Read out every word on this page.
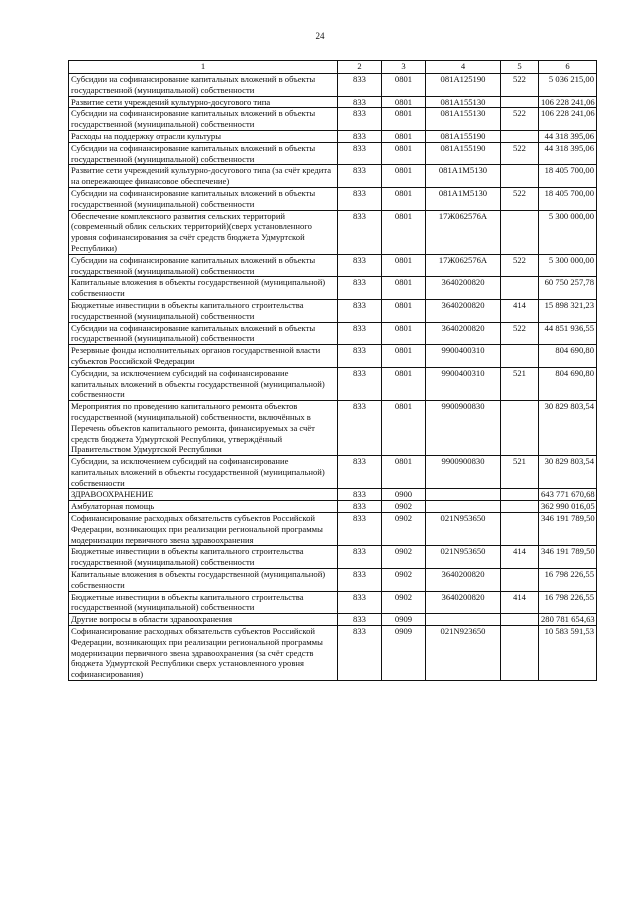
24
1	2	3	4	5	6
Субсидии на софинансирование капитальных вложений в объекты государственной (муниципальной) собственности	833	0801	081A125190	522	5 036 215,00
Развитие сети учреждений культурно-досугового типа	833	0801	081A155130		106 228 241,06
Субсидии на софинансирование капитальных вложений в объекты государственной (муниципальной) собственности	833	0801	081A155130	522	106 228 241,06
Расходы на поддержку отрасли культуры	833	0801	081A155190		44 318 395,06
Субсидии на софинансирование капитальных вложений в объекты государственной (муниципальной) собственности	833	0801	081A155190	522	44 318 395,06
Развитие сети учреждений культурно-досугового типа (за счёт кредита на опережающее финансовое обеспечение)	833	0801	081A1M5130		18 405 700,00
Субсидии на софинансирование капитальных вложений в объекты государственной (муниципальной) собственности	833	0801	081A1M5130	522	18 405 700,00
Обеспечение комплексного развития сельских территорий (современный облик сельских территорий)(сверх установленного уровня софинансирования за счёт средств бюджета Удмуртской Республики)	833	0801	17Ж062576А		5 300 000,00
Субсидии на софинансирование капитальных вложений в объекты государственной (муниципальной) собственности	833	0801	17Ж062576А	522	5 300 000,00
Капитальные вложения в объекты государственной (муниципальной) собственности	833	0801	3640200820		60 750 257,78
Бюджетные инвестиции в объекты капитального строительства государственной (муниципальной) собственности	833	0801	3640200820	414	15 898 321,23
Субсидии на софинансирование капитальных вложений в объекты государственной (муниципальной) собственности	833	0801	3640200820	522	44 851 936,55
Резервные фонды исполнительных органов государственной власти субъектов Российской Федерации	833	0801	9900400310		804 690,80
Субсидии, за исключением субсидий на софинансирование капитальных вложений в объекты государственной (муниципальной) собственности	833	0801	9900400310	521	804 690,80
Мероприятия по проведению капитального ремонта объектов государственной (муниципальной) собственности, включённых в Перечень объектов капитального ремонта, финансируемых за счёт средств бюджета Удмуртской Республики, утверждённый Правительством Удмуртской Республики	833	0801	9900900830		30 829 803,54
Субсидии, за исключением субсидий на софинансирование капитальных вложений в объекты государственной (муниципальной) собственности	833	0801	9900900830	521	30 829 803,54
ЗДРАВООХРАНЕНИЕ	833	0900			643 771 670,68
Амбулаторная помощь	833	0902			362 990 016,05
Софинансирование расходных обязательств субъектов Российской Федерации, возникающих при реализации региональной программы модернизации первичного звена здравоохранения	833	0902	021N953650		346 191 789,50
Бюджетные инвестиции в объекты капитального строительства государственной (муниципальной) собственности	833	0902	021N953650	414	346 191 789,50
Капитальные вложения в объекты государственной (муниципальной) собственности	833	0902	3640200820		16 798 226,55
Бюджетные инвестиции в объекты капитального строительства государственной (муниципальной) собственности	833	0902	3640200820	414	16 798 226,55
Другие вопросы в области здравоохранения	833	0909			280 781 654,63
Софинансирование расходных обязательств субъектов Российской Федерации, возникающих при реализации региональной программы модернизации первичного звена здравоохранения (за счёт средств бюджета Удмуртской Республики сверх установленного уровня софинансирования)	833	0909	021N923650		10 583 591,53
